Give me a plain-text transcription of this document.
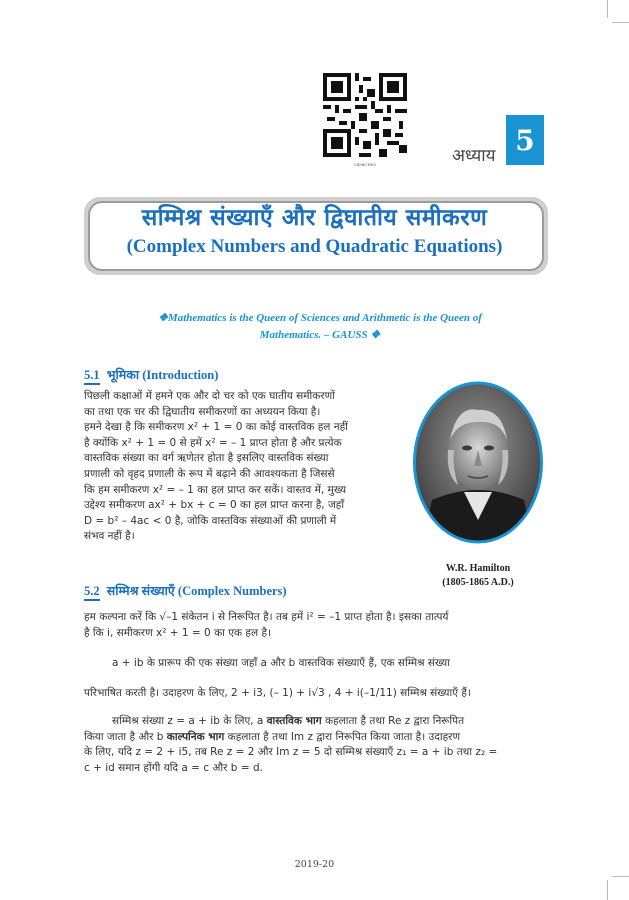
0496CH05	अध्याय 5
सम्मिश्र संख्याएँ और द्विघातीय समीकरण
(Complex Numbers and Quadratic Equations)
❖Mathematics is the Queen of Sciences and Arithmetic is the Queen of
Mathematics. – GAUSS ❖
5.1 भूमिका (Introduction)
पिछली कक्षाओं में हमने एक और दो चर को एक घातीय समीकरणों
का तथा एक चर की द्विघातीय समीकरणों का अध्ययन किया है।
हमने देखा है कि समीकरण x² + 1 = 0 का कोई वास्तविक हल नहीं
है क्योंकि x² + 1 = 0 से हमें x² = – 1 प्राप्त होता है और प्रत्येक
वास्तविक संख्या का वर्ग ऋणेतर होता है इसलिए वास्तविक संख्या
प्रणाली को वृहद प्रणाली के रूप में बढ़ाने की आवश्यकता है जिससे
कि हम समीकरण x² = – 1 का हल प्राप्त कर सकें। वास्तव में, मुख्य
उद्देश्य समीकरण ax² + bx + c = 0 का हल प्राप्त करना है, जहाँ
D = b² – 4ac < 0 है, जोकि वास्तविक संख्याओं की प्रणाली में
संभव नहीं है।
W.R. Hamilton
(1805-1865 A.D.)
5.2 सम्मिश्र संख्याएँ (Complex Numbers)
हम कल्पना करें कि √–1 संकेतन i से निरूपित है। तब हमें i² = –1 प्राप्त होता है। इसका तात्पर्य
है कि i, समीकरण x² + 1 = 0 का एक हल है।
a + ib के प्रारूप की एक संख्या जहाँ a और b वास्तविक संख्याएँ हैं, एक सम्मिश्र संख्या
परिभाषित करती है। उदाहरण के लिए, 2 + i3, (– 1) + i√3 , 4 + i(–1/11) सम्मिश्र संख्याएँ हैं।
सम्मिश्र संख्या z = a + ib के लिए, a वास्तविक भाग कहलाता है तथा Re z द्वारा निरूपित
किया जाता है और b काल्पनिक भाग कहलाता है तथा Im z द्वारा निरूपित किया जाता है। उदाहरण
के लिए, यदि z = 2 + i5, तब Re z = 2 और Im z = 5 दो सम्मिश्र संख्याएँ z₁ = a + ib तथा z₂ =
c + id समान होंगी यदि a = c और b = d.
2019-20
